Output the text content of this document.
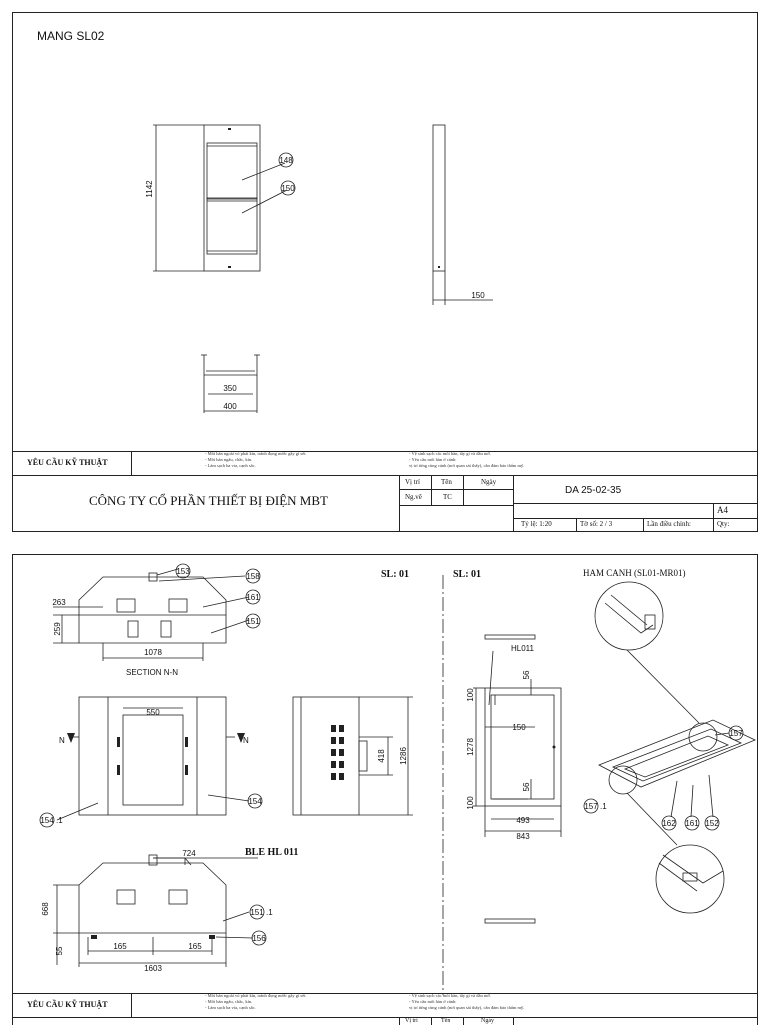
MANG SL02
1142
150
350
400
148
150
YÊU CẦU KỸ THUẬT
- Mối hàn ngoài vỏ phải kín, tránh đọng nước gây gỉ sét.
- Mối hàn ngấu, chắc, kín.
- Làm sạch ba via, cạnh sắc.
- Vệ sinh sạch các mối hàn, tẩy gỉ và dầu mỡ.
- Yêu cầu mối hàn ở cánh:
vị trí từng cùng cánh (nơi quan sát thấy), cần đảm bảo thẩm mỹ.
CÔNG TY CỔ PHẦN THIẾT BỊ ĐIỆN MBT
Vị trí	Tên	Ngày
Ng.vẽ	TC
DA 25-02-35
A4
Tỷ lệ: 1:20	Tờ số: 2 / 3	Lần điều chỉnh:	Qty:
SL: 01	SL: 01	HAM CANH (SL01-MR01)
SECTION N-N
N	N
HL011
BLE HL 011
263
259
1078
550
418 1286
724
668
165	165
1603
55
100
56
1278
150
56
100
493
843
153
158
161
151
154 .1
154
151 .1
156
157
157 .1
162 161 152
YÊU CẦU KỸ THUẬT
- Mối hàn ngoài vỏ phải kín, tránh đọng nước gây gỉ sét.
- Mối hàn ngấu, chắc, kín.
- Làm sạch ba via, cạnh sắc.
- Vệ sinh sạch các mối hàn, tẩy gỉ và dầu mỡ.
- Yêu cầu mối hàn ở cánh:
vị trí từng cùng cánh (nơi quan sát thấy), cần đảm bảo thẩm mỹ.
Vị trí	Tên	Ngày
